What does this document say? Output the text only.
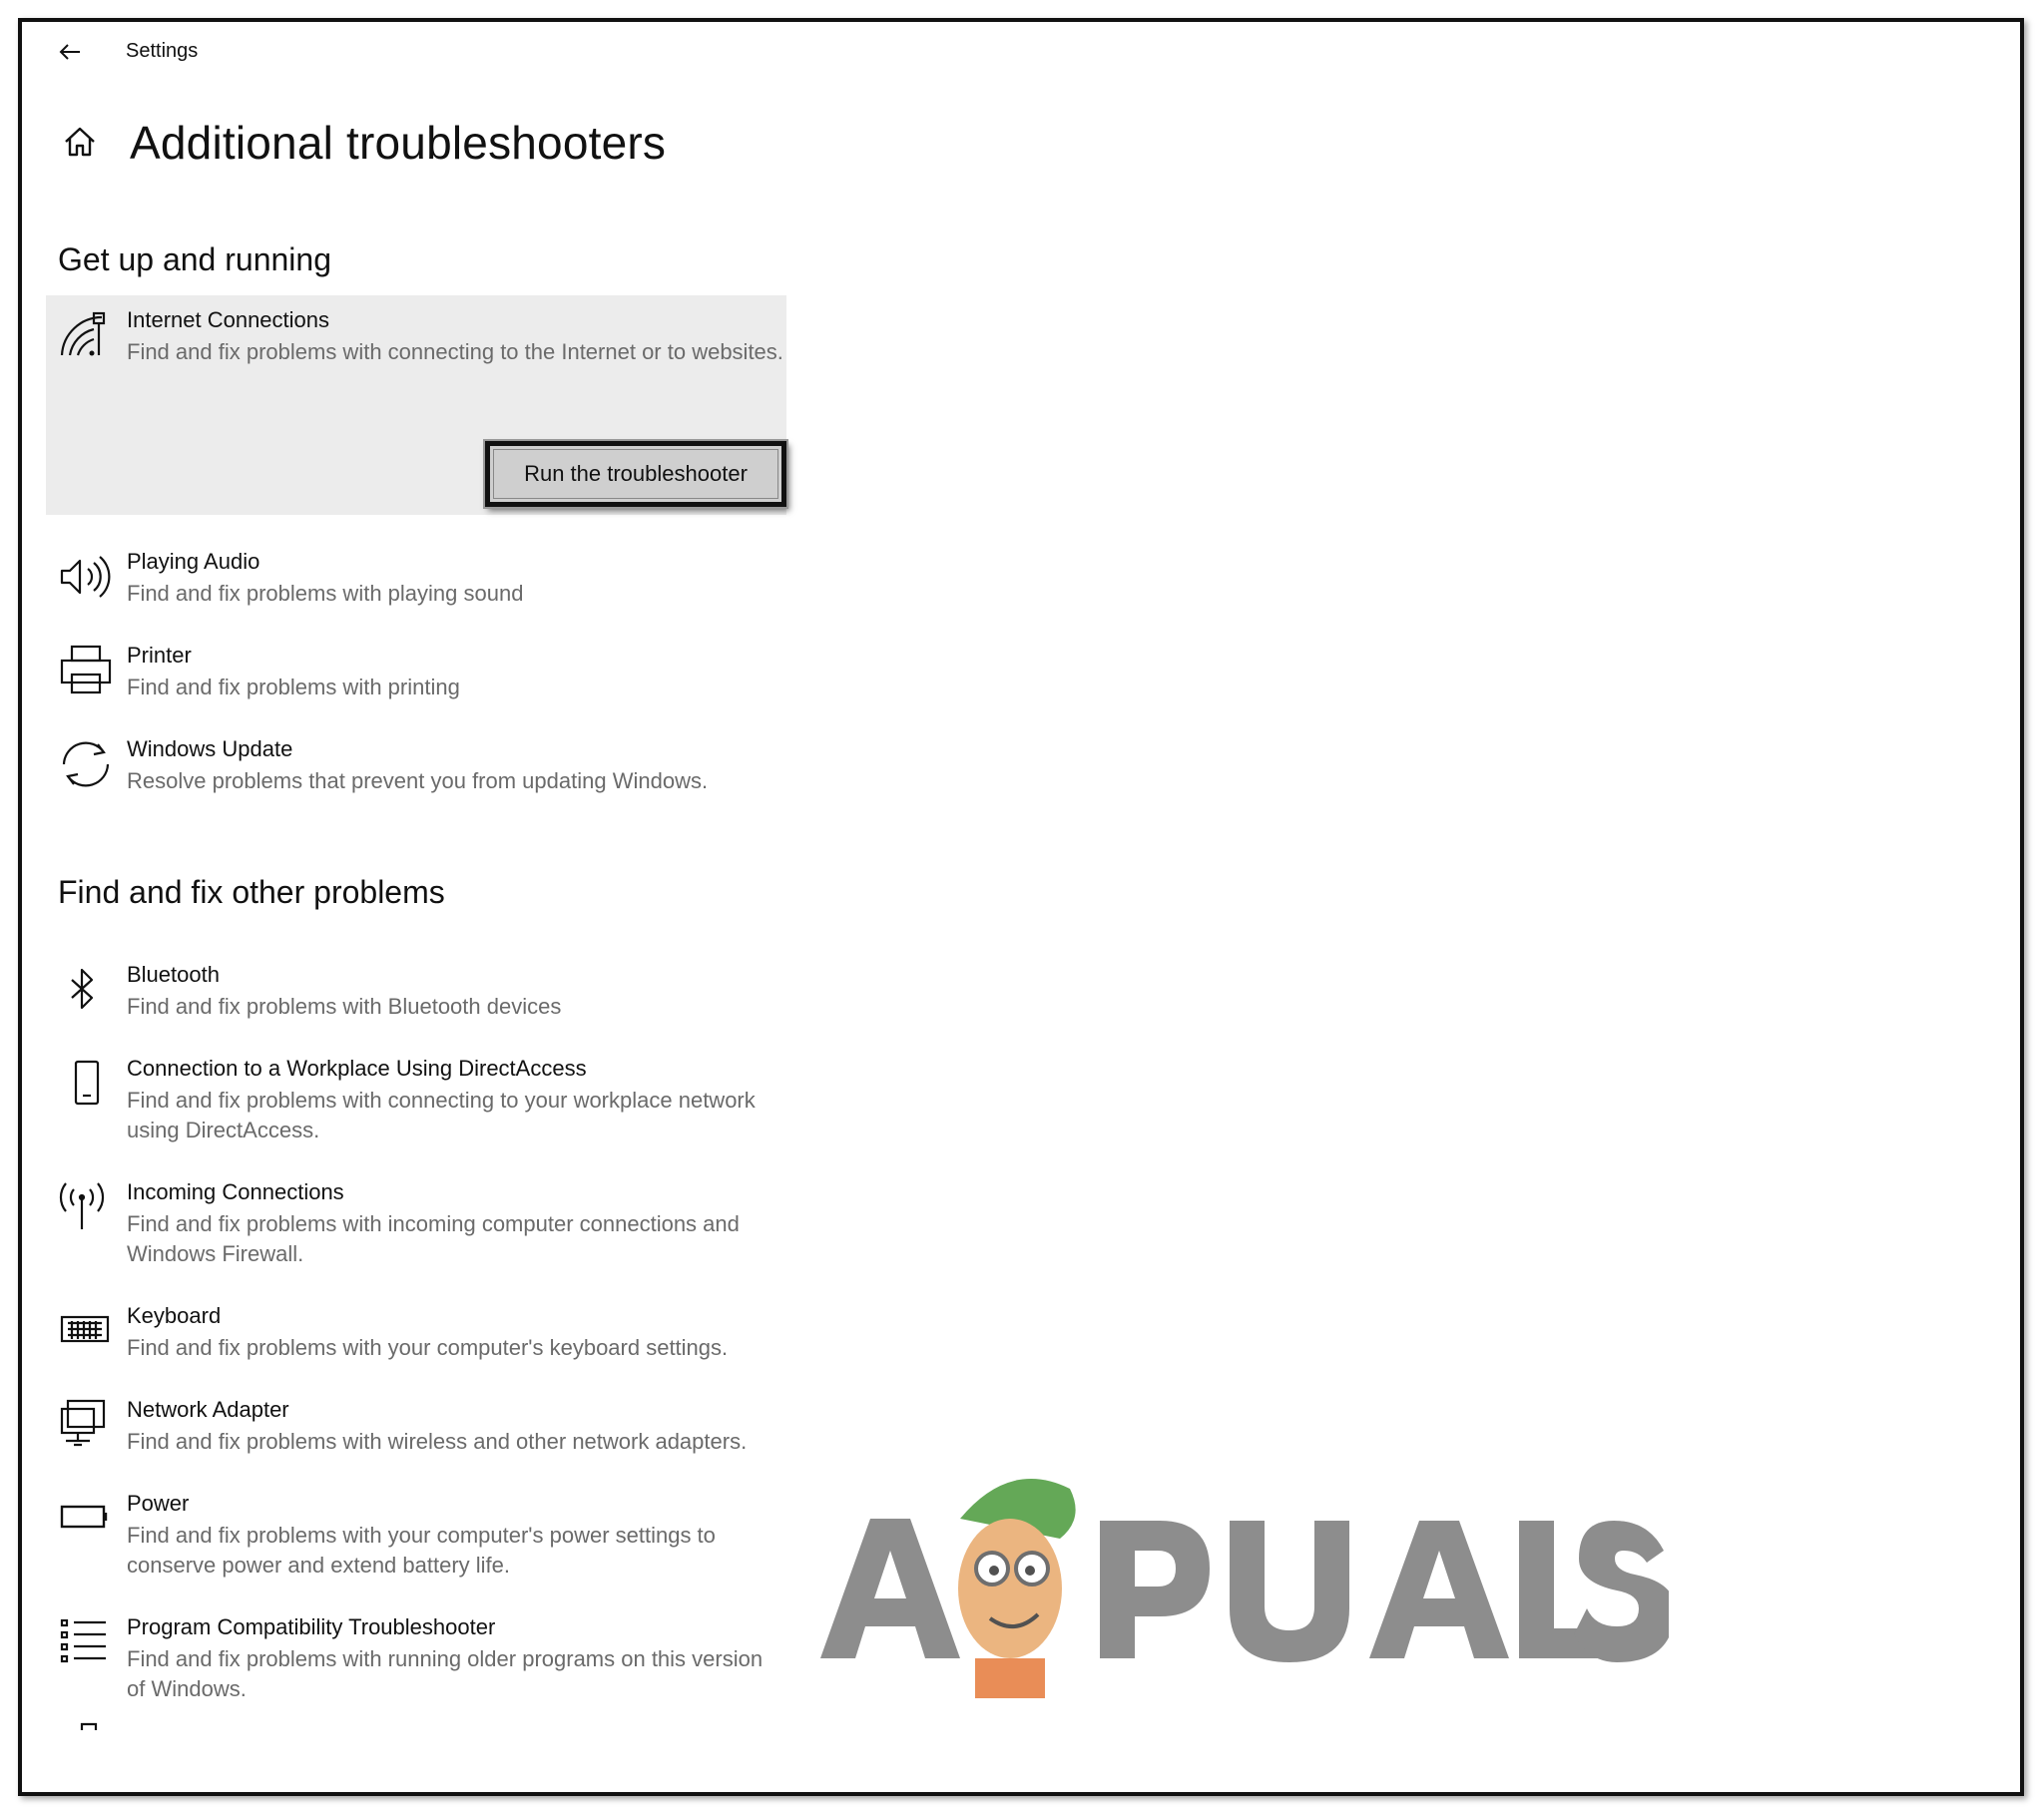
Settings
Additional troubleshooters
Get up and running
Internet Connections
Find and fix problems with connecting to the Internet or to websites.
Run the troubleshooter
Playing Audio
Find and fix problems with playing sound
Printer
Find and fix problems with printing
Windows Update
Resolve problems that prevent you from updating Windows.
Find and fix other problems
Bluetooth
Find and fix problems with Bluetooth devices
Connection to a Workplace Using DirectAccess
Find and fix problems with connecting to your workplace network using DirectAccess.
Incoming Connections
Find and fix problems with incoming computer connections and Windows Firewall.
Keyboard
Find and fix problems with your computer's keyboard settings.
Network Adapter
Find and fix problems with wireless and other network adapters.
Power
Find and fix problems with your computer's power settings to conserve power and extend battery life.
Program Compatibility Troubleshooter
Find and fix problems with running older programs on this version of Windows.
